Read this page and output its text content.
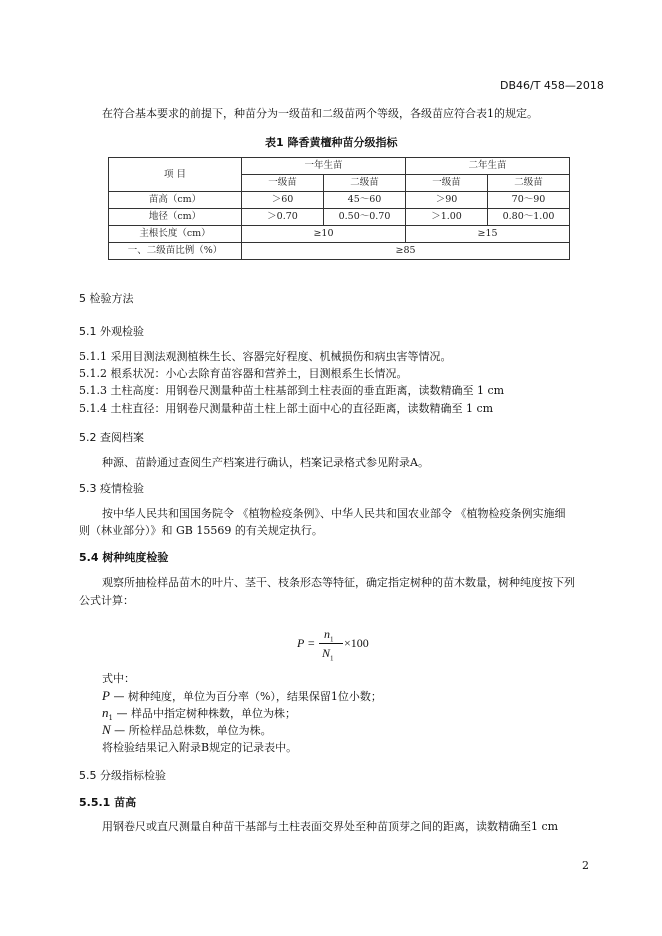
DB46/T 458—2018
在符合基本要求的前提下，种苗分为一级苗和二级苗两个等级，各级苗应符合表1的规定。
表1 降香黄檀种苗分级指标
项 目	一年生苗		二年生苗	
	一级苗	二级苗	一级苗	二级苗
苗高（cm）	＞60	45～60	＞90	70～90
地径（cm）	＞0.70	0.50～0.70	＞1.00	0.80～1.00
主根长度（cm）	≥10		≥15	
一、二级苗比例（%）	≥85			
5 检验方法
5.1 外观检验
5.1.1 采用目测法观测植株生长、容器完好程度、机械损伤和病虫害等情况。
5.1.2 根系状况：小心去除育苗容器和营养土，目测根系生长情况。
5.1.3 土柱高度：用钢卷尺测量种苗土柱基部到土柱表面的垂直距离，读数精确至 1 cm
5.1.4 土柱直径：用钢卷尺测量种苗土柱上部土面中心的直径距离，读数精确至 1 cm
5.2 查阅档案
种源、苗龄通过查阅生产档案进行确认，档案记录格式参见附录A。
5.3 疫情检验
按中华人民共和国国务院令 《植物检疫条例》、中华人民共和国农业部令 《植物检疫条例实施细
则（林业部分）》和 GB 15569 的有关规定执行。
5.4 树种纯度检验
观察所抽检样品苗木的叶片、茎干、枝条形态等特征，确定指定树种的苗木数量，树种纯度按下列
公式计算：
P =
$n_1$
$N_1$
×100
式中：
P — 树种纯度，单位为百分率（%），结果保留1位小数；
$n_1$ — 样品中指定树种株数，单位为株；
N — 所检样品总株数，单位为株。
将检验结果记入附录B规定的记录表中。
5.5 分级指标检验
5.5.1 苗高
用钢卷尺或直尺测量自种苗干基部与土柱表面交界处至种苗顶芽之间的距离，读数精确至1 cm
2
